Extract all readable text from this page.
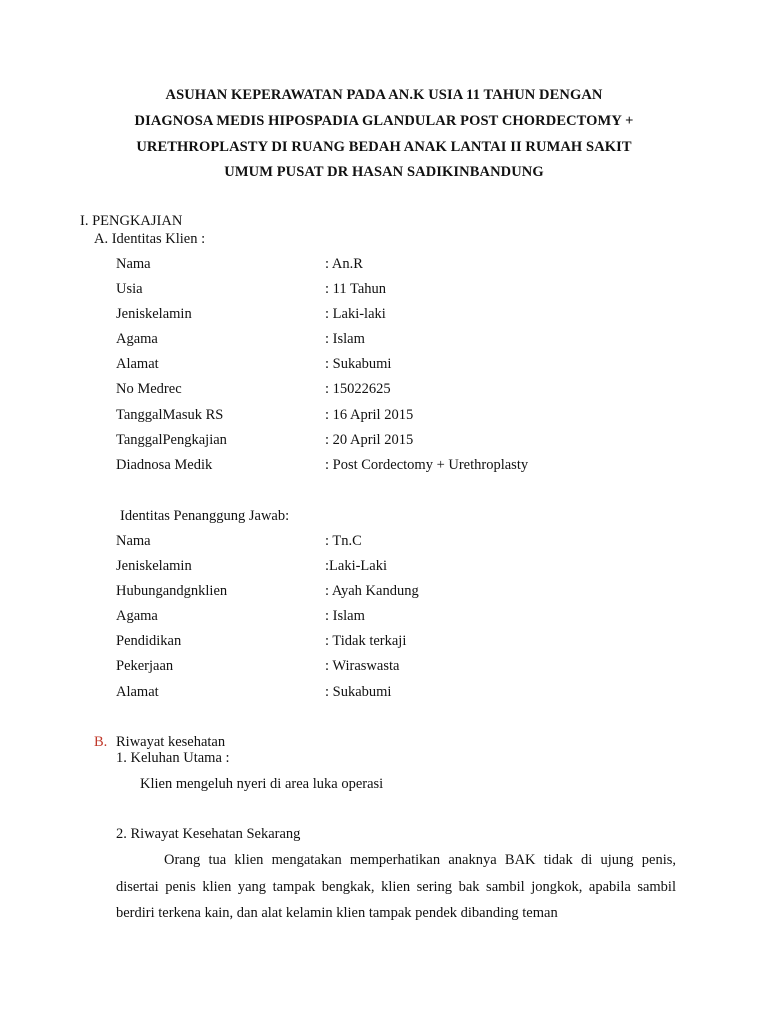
ASUHAN KEPERAWATAN PADA AN.K USIA 11 TAHUN DENGAN
DIAGNOSA MEDIS HIPOSPADIA GLANDULAR POST CHORDECTOMY +
URETHROPLASTY DI RUANG BEDAH ANAK LANTAI II RUMAH SAKIT
UMUM PUSAT DR HASAN SADIKINBANDUNG
I. PENGKAJIAN
A. Identitas Klien :
Nama	: An.R
Usia	: 11 Tahun
Jeniskelamin	: Laki-laki
Agama	: Islam
Alamat	: Sukabumi
No Medrec	: 15022625
TanggalMasuk RS	: 16 April 2015
TanggalPengkajian	: 20 April 2015
Diadnosa Medik	: Post Cordectomy + Urethroplasty
Identitas Penanggung Jawab:
Nama	: Tn.C
Jeniskelamin	:Laki-Laki
Hubungandgnklien	: Ayah Kandung
Agama	: Islam
Pendidikan	: Tidak terkaji
Pekerjaan	: Wiraswasta
Alamat	: Sukabumi
B. Riwayat kesehatan
1. Keluhan Utama :
Klien mengeluh nyeri di area luka operasi
2. Riwayat Kesehatan Sekarang

Orang tua klien mengatakan memperhatikan anaknya BAK tidak di ujung penis, disertai penis klien yang tampak bengkak, klien sering bak sambil jongkok, apabila sambil berdiri terkena kain, dan alat kelamin klien tampak pendek dibanding teman
